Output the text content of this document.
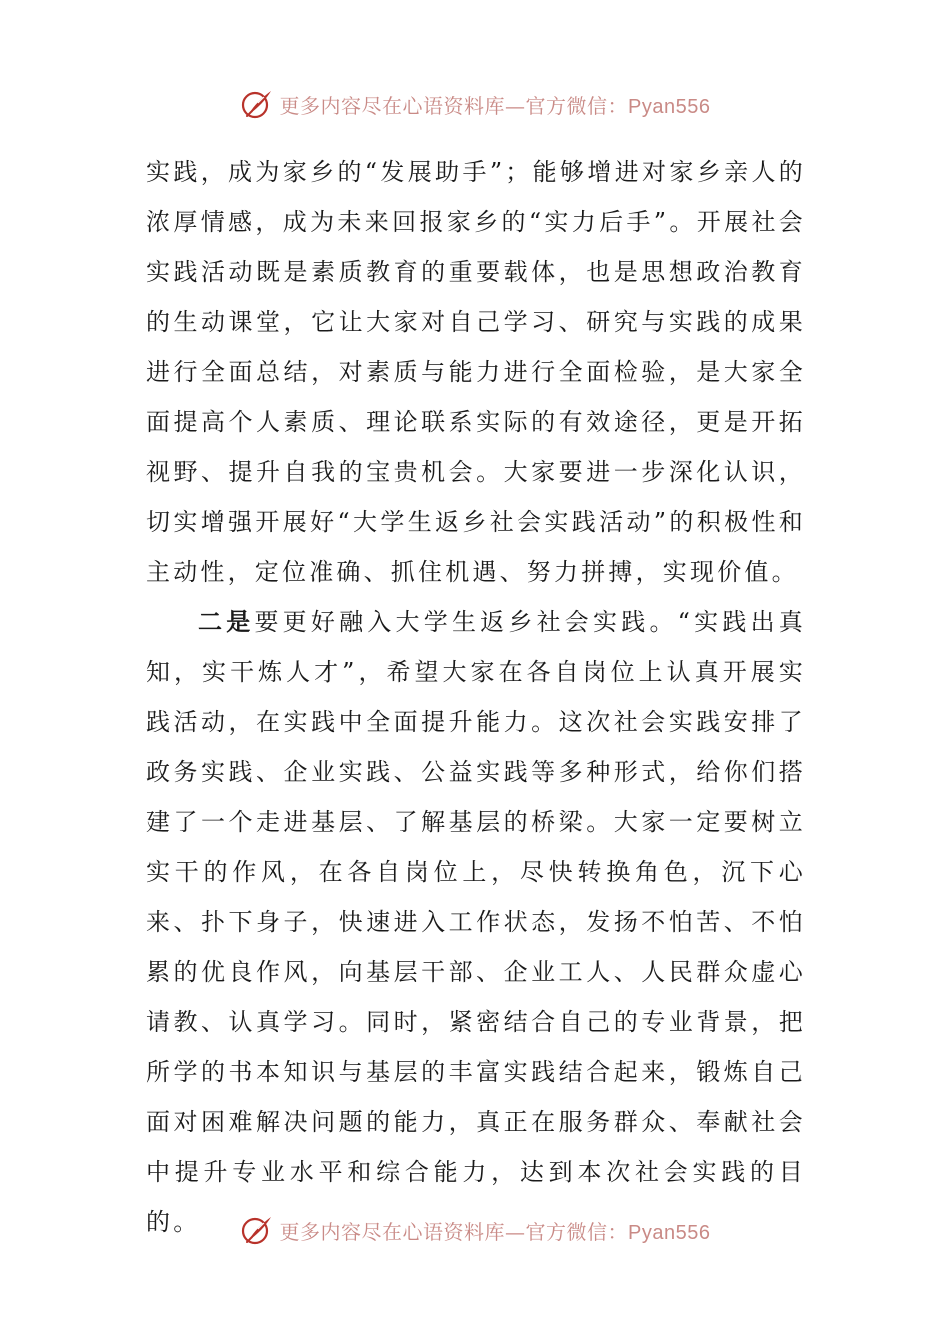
更多内容尽在心语资料库—官方微信：Pyan556

实践，成为家乡的“发展助手”；能够增进对家乡亲人的浓厚情感，成为未来回报家乡的“实力后手”。开展社会实践活动既是素质教育的重要载体，也是思想政治教育的生动课堂，它让大家对自己学习、研究与实践的成果进行全面总结，对素质与能力进行全面检验，是大家全面提高个人素质、理论联系实际的有效途径，更是开拓视野、提升自我的宝贵机会。大家要进一步深化认识，切实增强开展好“大学生返乡社会实践活动”的积极性和主动性，定位准确、抓住机遇、努力拼搏，实现价值。

二是要更好融入大学生返乡社会实践。“实践出真知，实干炼人才”，希望大家在各自岗位上认真开展实践活动，在实践中全面提升能力。这次社会实践安排了政务实践、企业实践、公益实践等多种形式，给你们搭建了一个走进基层、了解基层的桥梁。大家一定要树立实干的作风，在各自岗位上，尽快转换角色，沉下心来、扑下身子，快速进入工作状态，发扬不怕苦、不怕累的优良作风，向基层干部、企业工人、人民群众虚心请教、认真学习。同时，紧密结合自己的专业背景，把所学的书本知识与基层的丰富实践结合起来，锻炼自己面对困难解决问题的能力，真正在服务群众、奉献社会中提升专业水平和综合能力，达到本次社会实践的目的。	更多内容尽在心语资料库—官方微信：Pyan556
